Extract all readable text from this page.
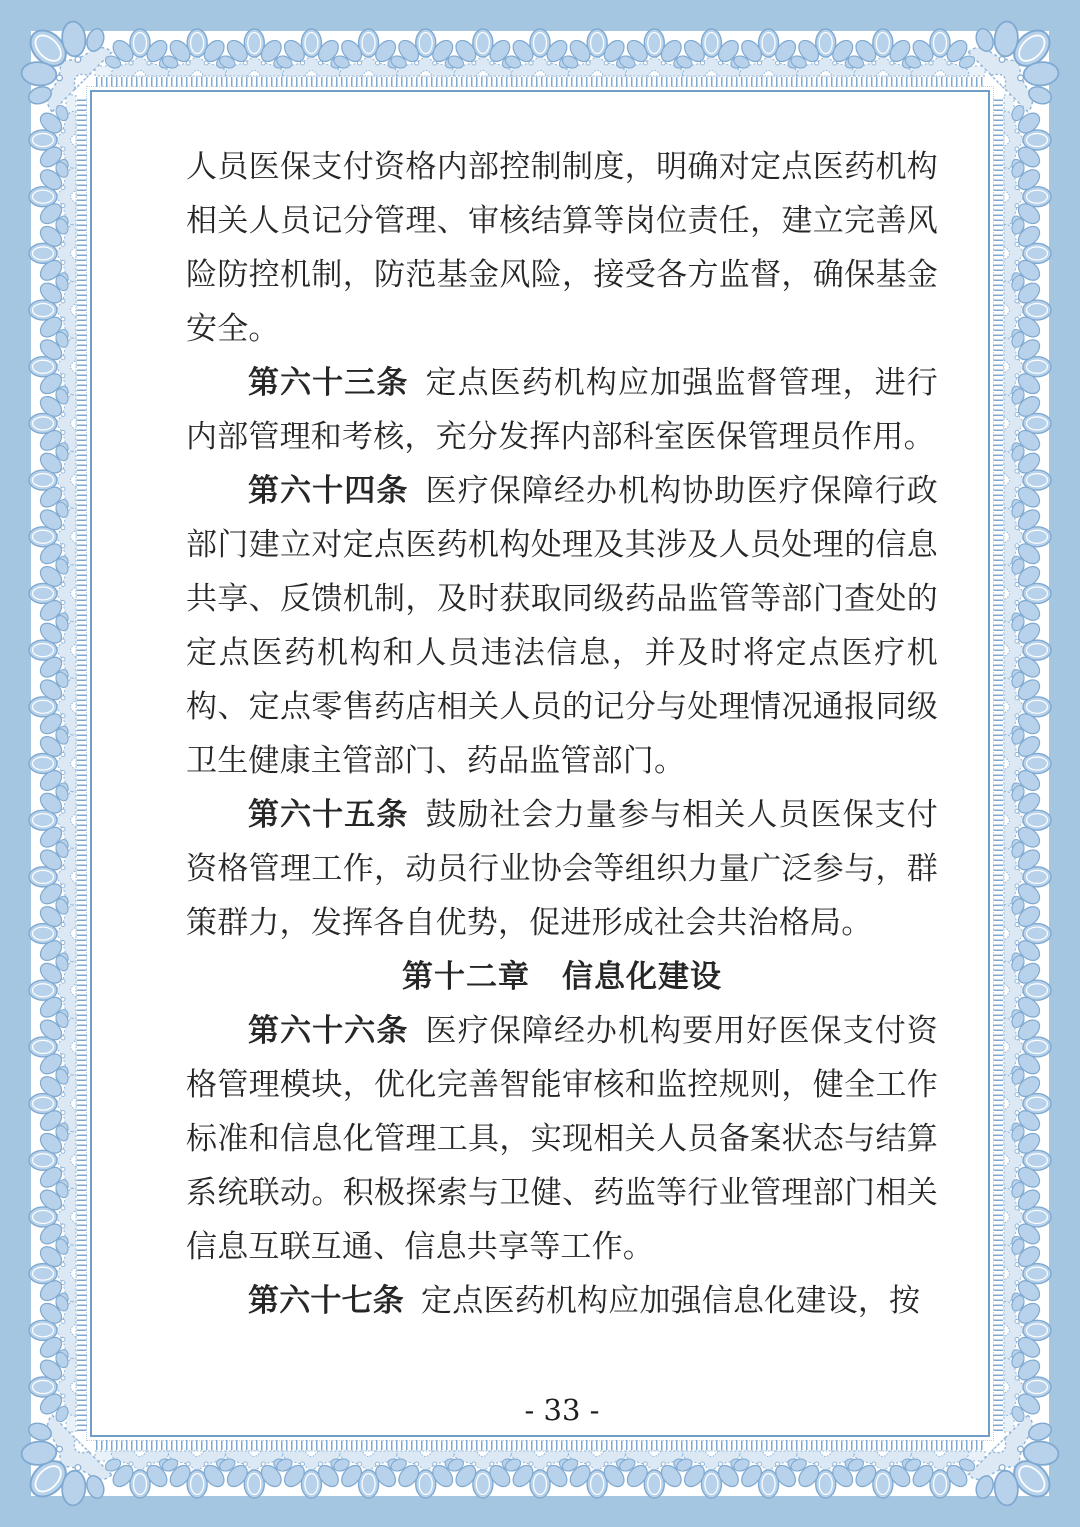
人员医保支付资格内部控制制度，明确对定点医药机构相关人员记分管理、审核结算等岗位责任，建立完善风险防控机制，防范基金风险，接受各方监督，确保基金安全。

第六十三条 定点医药机构应加强监督管理，进行内部管理和考核，充分发挥内部科室医保管理员作用。

第六十四条 医疗保障经办机构协助医疗保障行政部门建立对定点医药机构处理及其涉及人员处理的信息共享、反馈机制，及时获取同级药品监管等部门查处的定点医药机构和人员违法信息，并及时将定点医疗机构、定点零售药店相关人员的记分与处理情况通报同级卫生健康主管部门、药品监管部门。

第六十五条 鼓励社会力量参与相关人员医保支付资格管理工作，动员行业协会等组织力量广泛参与，群策群力，发挥各自优势，促进形成社会共治格局。

第十二章　信息化建设

第六十六条 医疗保障经办机构要用好医保支付资格管理模块，优化完善智能审核和监控规则，健全工作标准和信息化管理工具，实现相关人员备案状态与结算系统联动。积极探索与卫健、药监等行业管理部门相关信息互联互通、信息共享等工作。

第六十七条 定点医药机构应加强信息化建设，按

- 33 -
